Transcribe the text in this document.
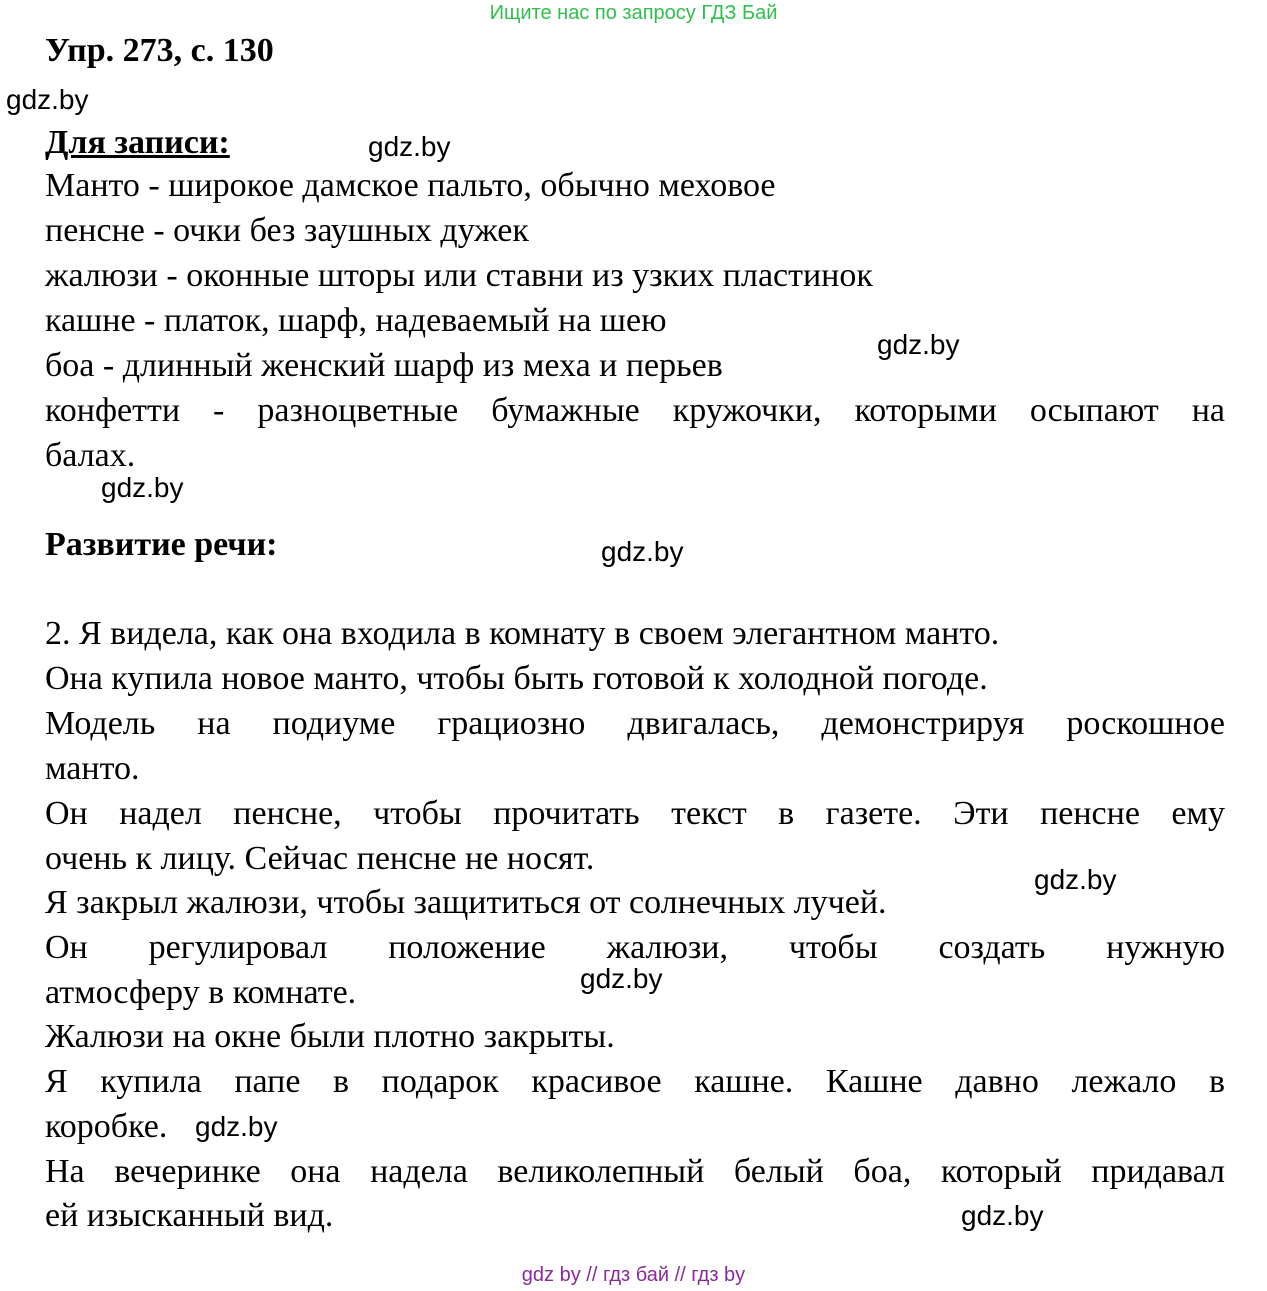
Ищите нас по запросу ГДЗ Бай
Упр. 273, с. 130
gdz.by
gdz.by
gdz.by
gdz.by
gdz.by
gdz.by
gdz.by
gdz.by
gdz.by
Для записи:
Манто - широкое дамское пальто, обычно меховое
пенсне - очки без заушных дужек
жалюзи - оконные шторы или ставни из узких пластинок
кашне - платок, шарф, надеваемый на шею
боа - длинный женский шарф из меха и перьев
конфетти - разноцветные бумажные кружочки, которыми осыпают на
балах.
Развитие речи:
2. Я видела, как она входила в комнату в своем элегантном манто.
Она купила новое манто, чтобы быть готовой к холодной погоде.
Модель на подиуме грациозно двигалась, демонстрируя роскошное
манто.
Он надел пенсне, чтобы прочитать текст в газете. Эти пенсне ему
очень к лицу. Сейчас пенсне не носят.
Я закрыл жалюзи, чтобы защититься от солнечных лучей.
Он регулировал положение жалюзи, чтобы создать нужную
атмосферу в комнате.
Жалюзи на окне были плотно закрыты.
Я купила папе в подарок красивое кашне. Кашне давно лежало в
коробке.
На вечеринке она надела великолепный белый боа, который придавал
ей изысканный вид.
gdz by // гдз бай // гдз by
